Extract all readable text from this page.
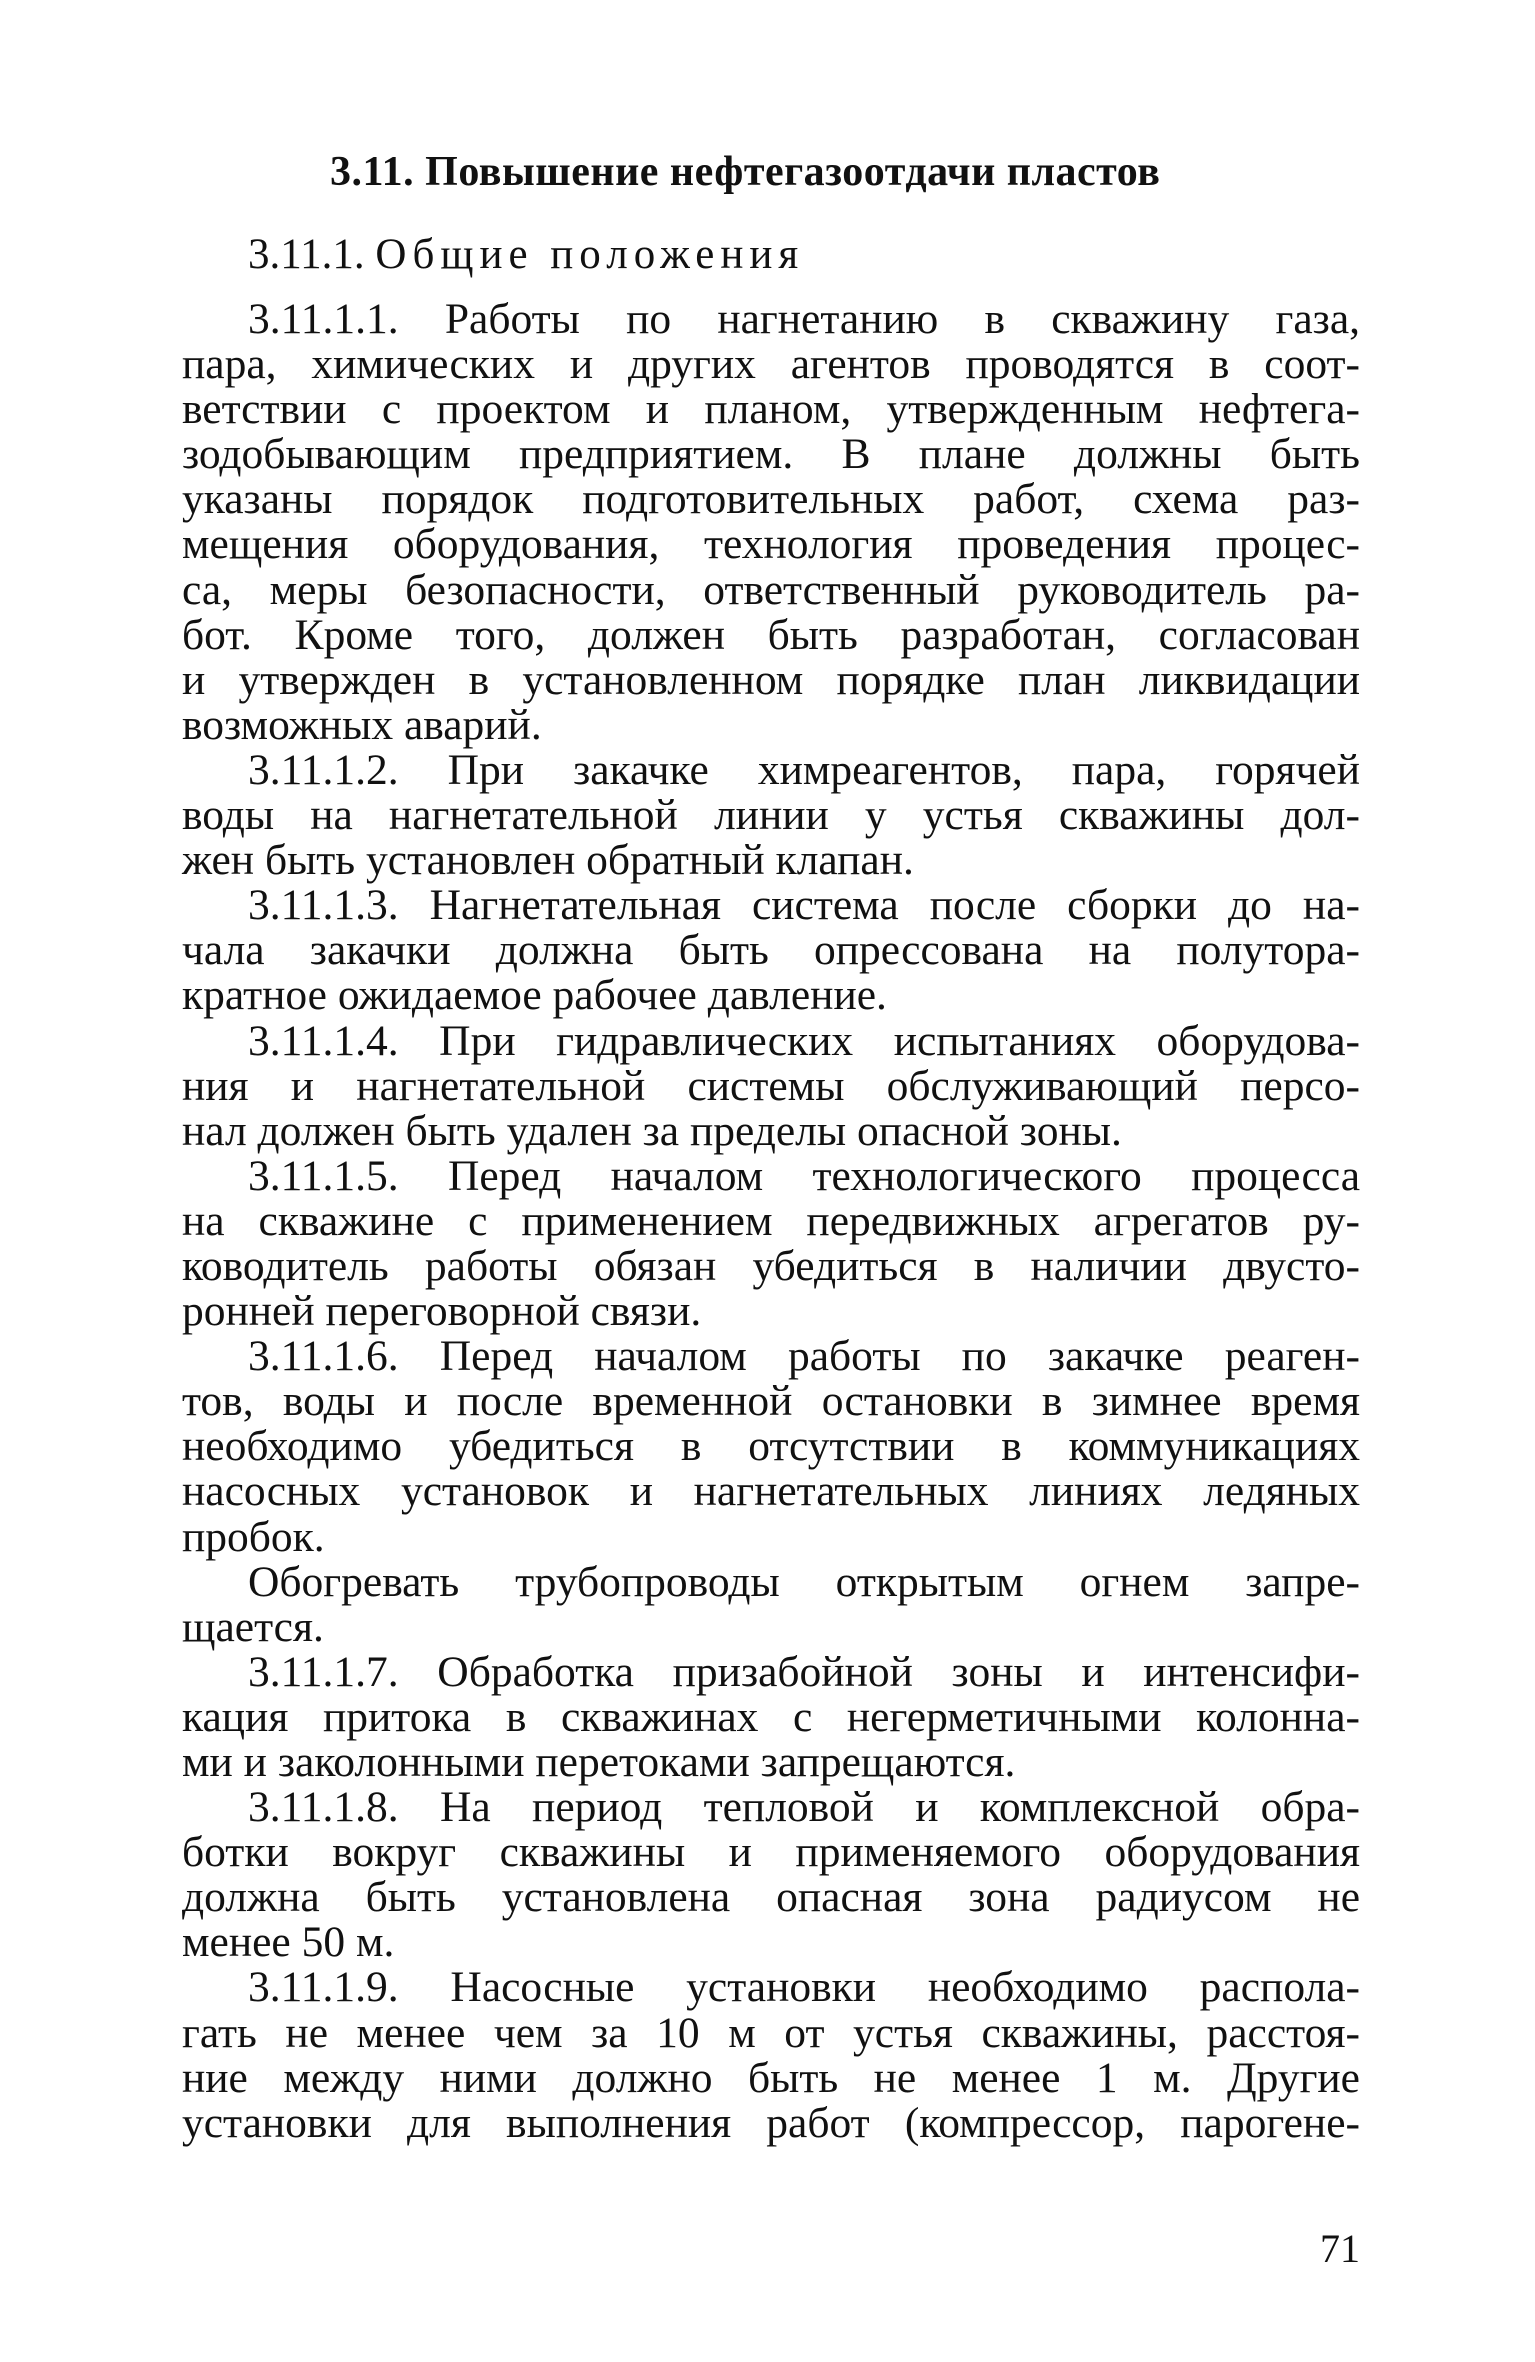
3.11. Повышение нефтегазоотдачи пластов
3.11.1. Общие положения
3.11.1.1. Работы по нагнетанию в скважину газа,
пара, химических и других агентов проводятся в соот-
ветствии с проектом и планом, утвержденным нефтега-
зодобывающим предприятием. В плане должны быть
указаны порядок подготовительных работ, схема раз-
мещения оборудования, технология проведения процес-
са, меры безопасности, ответственный руководитель ра-
бот. Кроме того, должен быть разработан, согласован
и утвержден в установленном порядке план ликвидации
возможных аварий.
3.11.1.2. При закачке химреагентов, пара, горячей
воды на нагнетательной линии у устья скважины дол-
жен быть установлен обратный клапан.
3.11.1.3. Нагнетательная система после сборки до на-
чала закачки должна быть опрессована на полутора-
кратное ожидаемое рабочее давление.
3.11.1.4. При гидравлических испытаниях оборудова-
ния и нагнетательной системы обслуживающий персо-
нал должен быть удален за пределы опасной зоны.
3.11.1.5. Перед началом технологического процесса
на скважине с применением передвижных агрегатов ру-
ководитель работы обязан убедиться в наличии двусто-
ронней переговорной связи.
3.11.1.6. Перед началом работы по закачке реаген-
тов, воды и после временной остановки в зимнее время
необходимо убедиться в отсутствии в коммуникациях
насосных установок и нагнетательных линиях ледяных
пробок.
Обогревать трубопроводы открытым огнем запре-
щается.
3.11.1.7. Обработка призабойной зоны и интенсифи-
кация притока в скважинах с негерметичными колонна-
ми и заколонными перетоками запрещаются.
3.11.1.8. На период тепловой и комплексной обра-
ботки вокруг скважины и применяемого оборудования
должна быть установлена опасная зона радиусом не
менее 50 м.
3.11.1.9. Насосные установки необходимо распола-
гать не менее чем за 10 м от устья скважины, расстоя-
ние между ними должно быть не менее 1 м. Другие
установки для выполнения работ (компрессор, парогене-
71
